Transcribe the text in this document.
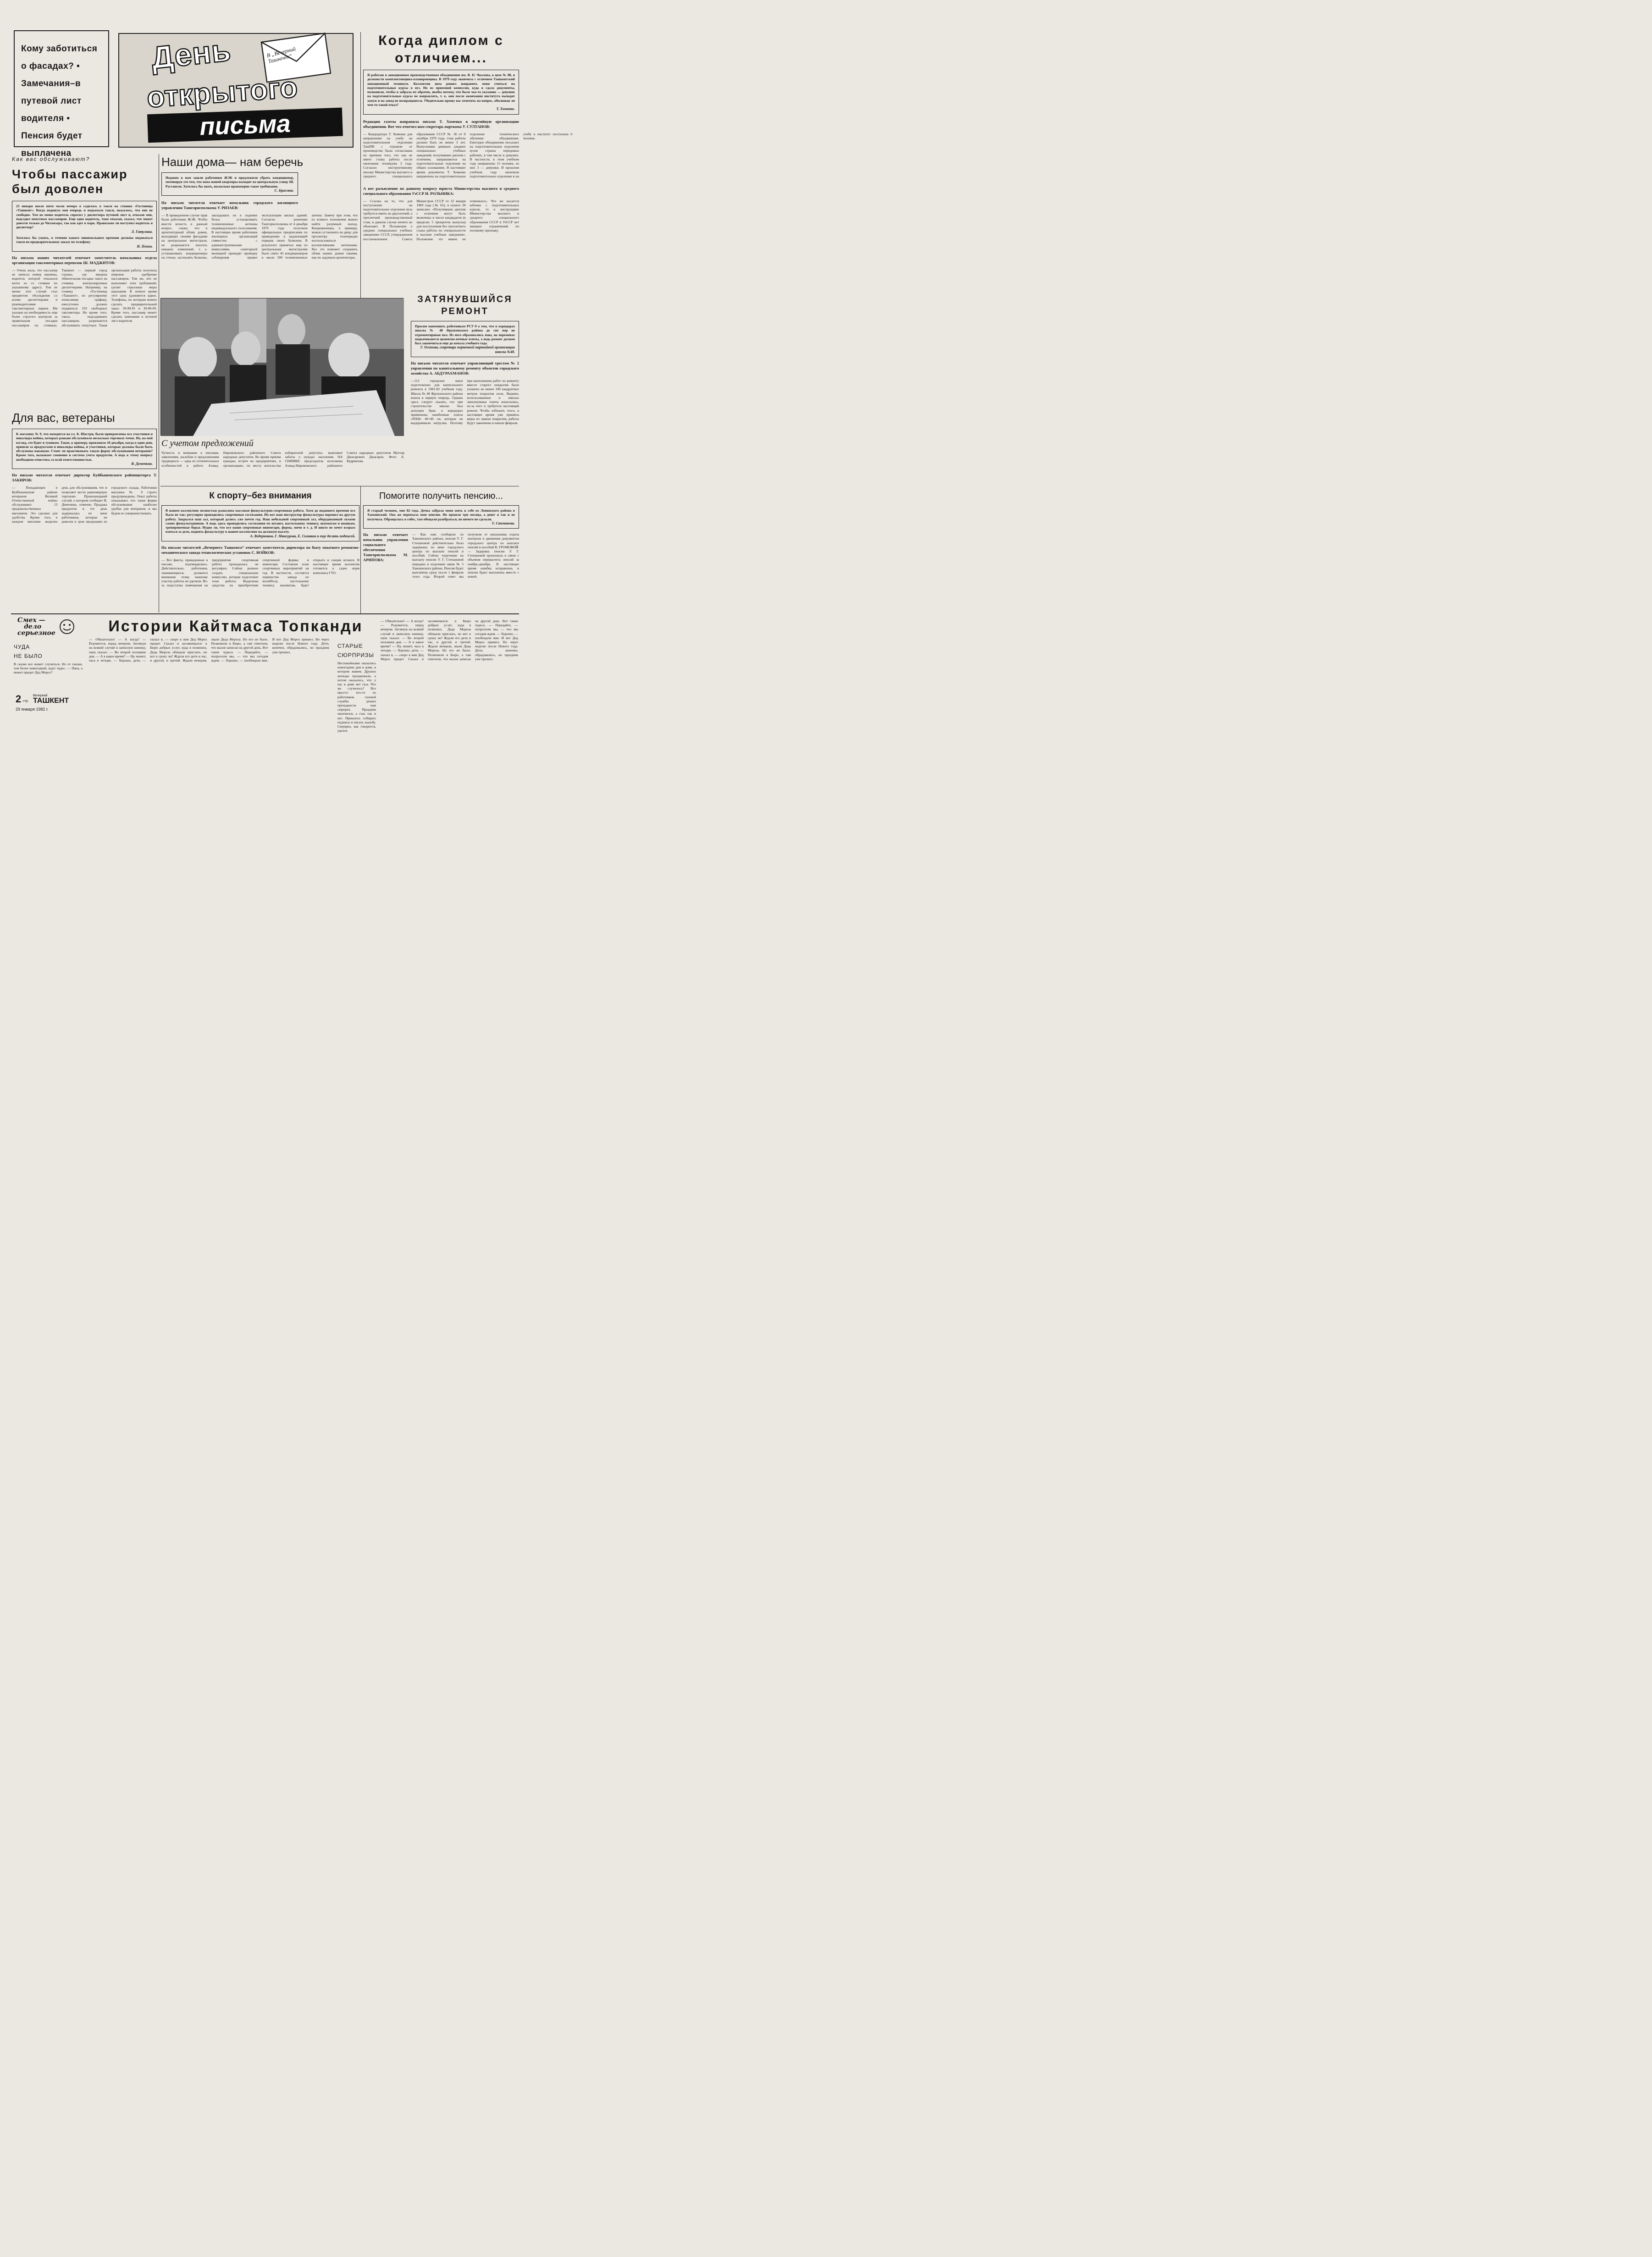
Кому заботиться о фасадах? • Замечания–в путевой лист водителя • Пенсия будет выплачена
В „Вечерний Ташкент“
День
открытого
письма
Когда диплом с отличием...
Я работаю в авиационном производственном объединении им. В. П. Чкалова, в цехе № 88, в должности комплектовщика-планировщика. В 1979 году окончила с отличием Ташкентский авиационный техникум. Коллектив цеха решил направить меня учиться на подготовительные курсы в вуз. Но из приемной комиссии, куда я сдала документы, позвонили, чтобы я забрала их обратно, якобы потому, что было чье-то указание — девушек на подготовительные курсы не направлять, т. к. они после окончания института выходят замуж и на завод не возвращаются. Убедительно прошу вас ответить на вопрос, обоснован ли чем-то такой отказ?
Т. Хоменко.
Редакция газеты направила письмо Т. Хоменко в партийную организацию объединения. Вот что ответил нам секретарь парткома У. СУЛТАНОВ:
— Кандидатура Т. Хоменко для направления на учебу на подготовительном отделении ТашПИ с отрывом от производства была согласована по причине того, что она не имеет стажа работы после окончания техникума 2 года. Согласно инструктивному письму Министерства высшего и среднего специального образования СССР № 36 от 8 октября 1979 года, стаж работы должен быть не менее 3 лет. Выпускники дневных средних специальных учебных заведений, получившие диплом с отличием, направляются на подготовительные отделения на общих основаниях. В настоящее время документы Т. Хоменко направлены на подготовительное отделение технического обучения объединения. Ежегодно объединение посылает на подготовительные отделения вузов страны передовых рабочих, в том числе и девушек. В частности, в этом учебном году направлены 15 человек, из них 3 — девушки. В прошлом учебном году окончили подготовительное отделение и на учебу в институт поступили 6 человек.
А вот разъяснение по данному вопросу юриста Министерства высшего и среднего специального образования УзССР И. РОЛЬНИКА:
— Ссылка на то, что для поступления на подготовительное отделение вуза требуется иметь не двухлетний, а трехлетний производственный стаж, в данном случае ничего не объясняет. В Положении о средних специальных учебных заведениях СССР, утвержденном постановлением Совета Министров СССР от 22 января 1969 года (№ 65), в пункте 20 записано: «Получившие диплом с отличием могут быть включены в число кандидатов (в пределах 5 процентов выпуска) для поступления без трехлетнего стажа работы по специальности в высшие учебные заведения». Положение это никем не отменялось. Что же касается юбочки с подготовительных курсов, то в инструкциях Министерства высшего и среднего специального образования СССР и УзССР нет никаких ограничений по половому признаку.
Как вас обслуживают?
Чтобы пассажир был доволен
23 января около пяти часов вечера я садилась в такси на стоянке «Гостиница «Ташкент». Когда подошла моя очередь и подъехало такси, оказалось, что оно не свободно. Тем не менее водитель спросил у диспетчера путевой лист и, отказав мне, подсадил попутных пассажиров. Еще одно водитель, тоже отказав, сказал, что может довезти только до Чиланзара, так как едет в парк. Правильно ли поступил водитель и диспетчер?
Л. Гатулина.
Хотелось бы узнать, в течение какого минимального времени должны подаваться такси по предварительному заказу по телефону.
Н. Попов.
На письма наших читателей отвечает заместитель начальника отдела организации таксомоторных перевозок Ш. МАДЖИТОВ:
— Очень жаль, что пассажир не записал номер машины, водитель которой отказался везти ее со стоянки по указанному адресу. Тем не менее этот случай стал предметом обсуждения со всеми диспетчерами и руководителями таксомоторных парков. Им указано на необходимость еще более строгого контроля за правильным посадки пассажиров на стоянках. Ташкент — первый город страны, где введена обязательная посадка такси на стоянки, контролируемые диспетчерами. Например, на стоянку «Гостиница «Ташкент», по регулярному почасовому графику, ежесуточно должно подаваться 333 свободных таксомотора. Но кроме того, такси, подсадивших пассажиров, разрешается обслуживать попутных. Такая организация работы получила широкое одобрение пассажиров. Тем же, кто не выполняет этих требований, грозят серьезные меры наказания. В ночное время этот срок удлиняется вдвое. Телефоны, по которым можно сделать предварительный заказ: 39-99-01 и 39-00-69. Кроме того, пассажир может сделать замечания в путевой лист водителя.
Наши дома— нам беречь
Недавно к нам зашли работники ЖЭК и предложили убрать кондиционер, мотивируя это тем, что окна нашей квартиры выходят на центральную улицу Ш. Руставели. Хотелось бы знать, насколько правомерно такое требование.
С. Брахман.
На письмо читателя отвечает начальник городского жилищного управления Ташгорисполкома У. РИЗАЕВ:
— В приведенном случае прав были работники ЖЭК. Чтобы внести ясность в данный вопрос, скажу, что в архитектурный облик домов, выходящих своими фасадами на центральные магистрали, не разрешается вносить никаких изменений, т. е. устанавливать кондиционеры на стенах, застеклять балконы, закладывать их в лоджиях белье, устанавливать телевизионные антенны индивидуального пользования. В настоящее время работники жилищных организаций совместно с административными комиссиями, санитарной милицией проводят проверку соблюдения правил эксплуатации жилых зданий. Согласно решению Ташгорисполкома от 4 декабря 1979 года получили официальные предписания по приведению в надлежащий порядок своих балконов. В результате принятых мер по центральным магистралям было снято 45 кондиционеров и около 500 телевизионных антенн. Замечу при этом, что из всякого положения можно найти разумный выход. Кондиционеры, к примеру, можно установить во двор; для просмотра телепередач воспользоваться коллективными антеннами. Все это поможет сохранить облик наших домов такими, как их задумали архитекторы.
С учетом предложений
Чуткость и внимание к письмам, заявлениям, жалобам и предложениям трудящихся — одна из отличительных особенностей в работе Ахмад-Ниромовского районного Совета народных депутатов. Во время приема граждан, встреч на предприятиях, в организациях, по месту жительства избирателей депутаты выясняют заботы о нуждах населения. НА СНИМКЕ: председатель исполкома Ахмад-Ниромовского районного Совета народных депутатов Мухтар Джагарович Джагаров. Фото А. Кудряшова.
ЗАТЯНУВШИЙСЯ РЕМОНТ
Просим напомнить работникам РСУ-9 о том, что в коридорах школы № 48 Фрунзенского района до сих пор не отремонтирован пол. Из него образовались ямы, на переменах подкачиваются цементно-печные плиты, а ведь ремонт должен был закончиться еще до начала учебного года.
Г. Осипова, секретарь первичной партийной организации школы №48.
На письмо читателя отвечает управляющий трестом № 2 управления по капитальному ремонту объектов городского хозяйства А. АБДУРАХМАНОВ:
—112 городских школ подготовлено для капитального ремонта в 1981-82 учебном году. Школа № 48 Фрунзенского района вошла в первую очередь. Однако здесь следует сказать, что при строительстве школы был допущен брак: в коридорах применены ошибочные плиты «ПХВ» 40×40 см, которые не выдерживали нагрузки. Поэтому при выполнении работ по ремонту вместо старого покрытия было уложено не менее 100 квадратных метров покрытия пола. Видимо, использованные в школах линолеумные плиты износились, из-за чего и требуется настоящий ремонт. Чтобы избежать этого, в настоящее время уже приняты меры по замене покрытия, работы будут закончены в начале февраля.
Для вас, ветераны
К магазину № 9, что находится на ул. Б. Шастри, были прикреплены все участники и инвалиды войны, которых раньше обслуживало несколько торговых точек. Но, на мой взгляд, это будет и тупиком. Такое, к примеру, произошло 18 декабря, когда в один день пришли за продуктами и инвалиды войны, и участники, которые должны были быть обслужены накануне. Стоит ли практиковать такую форму обслуживания ветеранов? Кроме того, вызывает сомнение и система учета продуктов. А ведь к этому вопросу необходимо отнестись со всей ответственностью.
В. Демочкин.
На письмо читателя отвечает директор Куйбышевского райпищеторга Т. ЗАКИРОВ:
— Попадающих в Куйбышевском районе ветеранов Великой Отечественной войны обслуживают 13 продовольственных магазинов. Это сделано для удобства. Кроме того, в каждом магазине выделен день для обслуживания, что и позволяет вести равномерную торговлю. Произошедший случай, о котором сообщает В. Демочкин, отмечен. Продажа продуктов в тот день задержалась по вине работников, которые не довезли в срок продукцию из городского склада. Работники магазина № 9 строго предупреждены. Опыт работы показывает, что такая форма обслуживания наиболее удобна для ветеранов, и мы будем ее совершенствовать.
К спорту–без внимания
В нашем коллективе полностью развалена массовая физкультурно-спортивная работа. Хотя до недавнего времени все было не так: регулярно проводились спортивные состязания. Но вот наш инструктор физкультуры перешел на другую работу. Закрылся наш зал, который дались уже почти год. Наш небольшой спортивный зал, оборудованный силами самих физкультурников. А ведь здесь проводились состязания по штанге, настольному теннису, шахматам и шашкам, тренировочные борья. Нудно ли, что все наши спортивные инвентари, форма, мячи и т. д. И никто не хочет всерьез взяться за дело, поднять физкультуру в нашем коллективе на должную высоту.
А. Ведерников, Г. Мансурова, Е. Симаков и еще десять подписей.
На письмо читателей „Вечернего Ташкента“ отвечает заместитель директора по быту опытного ремонтно-механического завода технологических установок С. ВОЙКОВ:
— Все факты, приведенные в письме, подтвердились. Действительно, работники, занимающиеся, должного внимания этому важному участку работы не уделяли. Из-за недостатка помещения на предприятии спортивная работа проводилась не регулярно. Сейчас решено создать специальную комиссию, которая подготовит план работы. Выделены средства на приобретение спортивной формы и инвентаря. Составлен план спортивных мероприятий на год. В частности, состоятся первенство завода по волейболу, настольному теннису, шахматам, будет открыта и секция штанги. В настоящее время коллектив готовится к сдаче норм комплекса ГТО.
Помогите получить пенсию...
Я старый человек, мне 82 года. Дочка забрала меня жить к себе из Ленинского района в Хамзинский. Она же переехала мою пенсию. Но прошло три месяца, а денег я так и не получила. Обращалась в собес, там обещали разобраться, но ничего не сделали.
У. Степанова.
На письмо отвечает начальник управления социального обеспечения Ташгорисполкома М. АРИПОВА:
— Как нам сообщили из Хамзинского района, пенсия У. Г. Степановой действительно была задержана по вине городского центра по выплате пенсий и пособий. Сейчас поручение на выплату пенсии У. Г. Степановой передано в отделение связи № 5 Хамзинского района. Пенсия будет выплачена сразу после 1 февраля этого года. Второй ответ мы получили от начальника отдела контроля и движения документов городского центра по выплате пенсий и пособий В. ГРОМОВОЙ: — Задержка пенсии У. Г. Степановой произошла в связи с объемом перерасчета пенсий за ноябрь-декабрь. В настоящее время ошибка исправлена, и пенсия будет выплачена вместе с новой.
Смех —
дело
серьезное	Истории Кайтмаса Топканди
ЧУДА
НЕ БЫЛО
В сказке все может случиться. Но от сказки, тем более новогодней, ждут чудес. — Папа, а может придет Дед Мороз?
— Обязательно! — А когда? — Разумеется, перед вечером. Заглянув на всякий случай в записную книжку, папа сказал: — Во второй половине дня. — А в какое время? — Ну, может, часа в четыре. — Хорошо, дети, — сказал я, — скоро к вам Дед Мороз придет. Сказал и засомневался: в Бюро добрых услуг, куда я позвонил, Деда Мороза обещали прислать, но вот к сроку ли? Ждали его дети и час, и другой, и третий. Ждали вечером, звали Деда Мороза. Но его не было. Позвонили в Бюро, а там ответили, что вызов записан на другой день. Вот такие чудеса. — Передайте, — попросили мы, — что мы сегодня ждем. — Хорошо, — пообещали мне. И вот Дед Мороз пришел. Но через неделю после Нового года. Дети, конечно, обрадовались, но праздник уже прошел.
СТАРЫЕ
СЮРПРИЗЫ
Неспокойными оказались новогодние дни в доме, в котором живем. Дружно жильцы праздновали, а потом оказалось, что у нас в доме нет газа. Что же случилось? Все просто: кто-то из работников газовой службы решил преподнести нам сюрприз. Праздник окончился, а газа так и нет. Пришлось собирать подписи и писать жалобу. Сюрприз, как говорится, удался.
— Обязательно! — А когда? — Разумеется, перед вечером. Заглянув на всякий случай в записную книжку, папа сказал: — Во второй половине дня. — А в какое время? — Ну, может, часа в четыре. — Хорошо, дети, — сказал я, — скоро к вам Дед Мороз придет. Сказал и засомневался: в Бюро добрых услуг, куда я позвонил, Деда Мороза обещали прислать, но вот к сроку ли? Ждали его дети и час, и другой, и третий. Ждали вечером, звали Деда Мороза. Но его не было. Позвонили в Бюро, а там ответили, что вызов записан на другой день. Вот такие чудеса. — Передайте, — попросили мы, — что мы сегодня ждем. — Хорошо, — пообещали мне. И вот Дед Мороз пришел. Но через неделю после Нового года. Дети, конечно, обрадовались, но праздник уже прошел.
2 стр.
Вечерний
ТАШКЕНТ
29 января 1982 г.
